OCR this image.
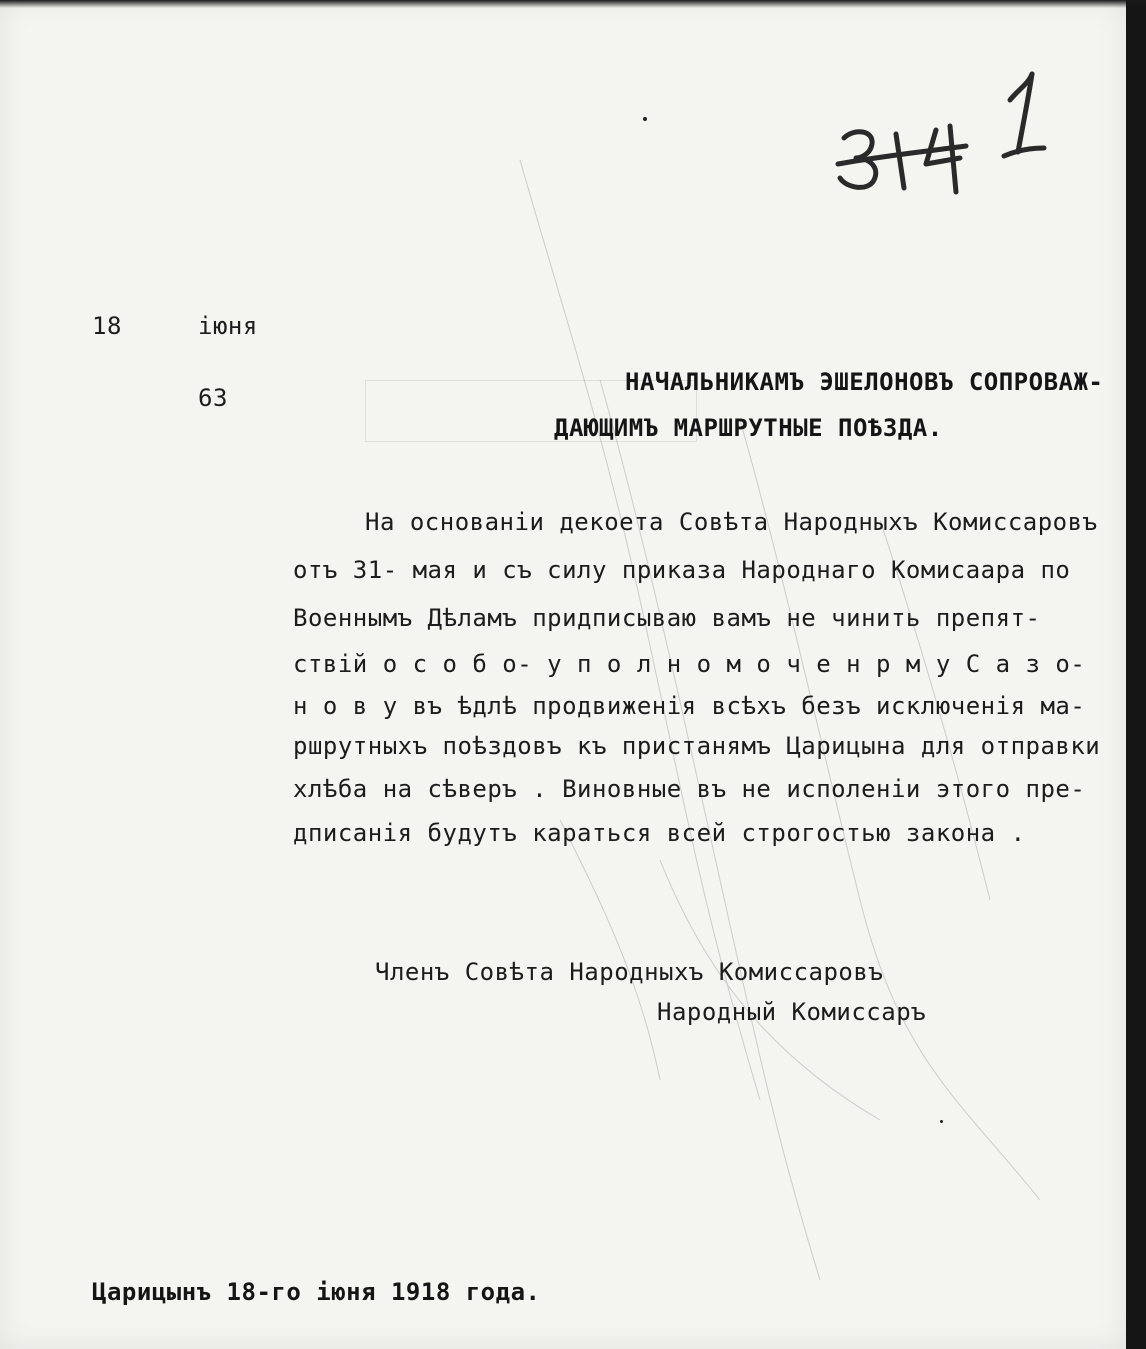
18	iюня
63
НАЧАЛЬНИКАМЪ ЭШЕЛОНОВЪ СОПРОВАЖ-
ДАЮЩИМЪ МАРШРУТНЫЕ ПОѢЗДА.
На основанiи декоета Совѣта Народныхъ Комиссаровъ
отъ 31- мая и съ силу приказа Народнаго Комисаара по
Военнымъ Дѣламъ придписываю вамъ не чинить препят-
ствiй о с о б о- у п о л н о м о ч е н р м у С а з о-
н о в у въ ѣдлѣ продвиженiя всѣхъ безъ исключенiя ма-
ршрутныхъ поѣздовъ къ пристанямъ Царицына для отправки
хлѣба на сѣверъ . Виновные въ не исполенiи этого пре-
дписанiя будутъ караться всей строгостью закона .
Членъ Совѣта Народныхъ Комиссаровъ
Народный Комиссаръ
Царицынъ 18-го iюня 1918 года.
